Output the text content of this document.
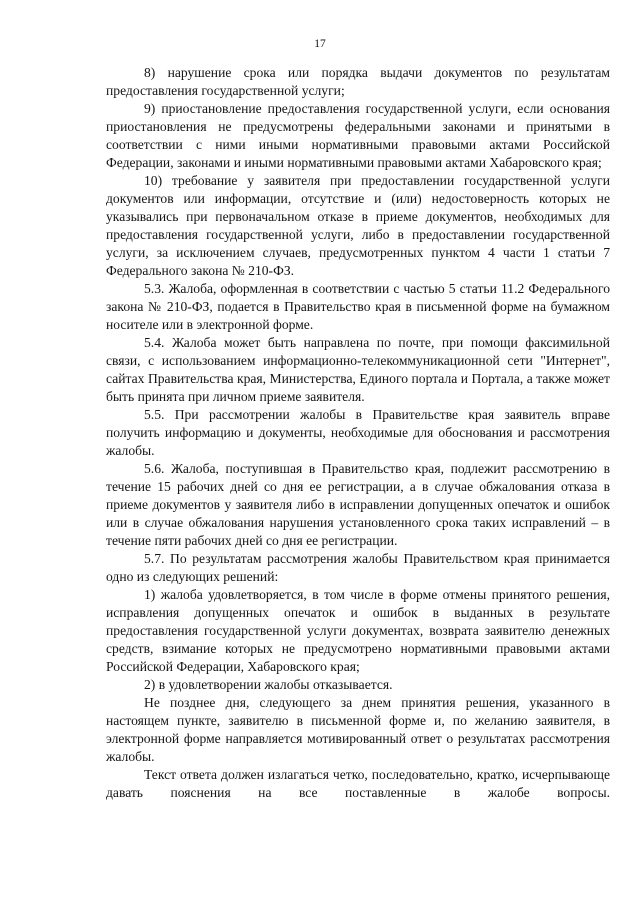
17

8) нарушение срока или порядка выдачи документов по результатам предоставления государственной услуги;

9) приостановление предоставления государственной услуги, если основания приостановления не предусмотрены федеральными законами и принятыми в соответствии с ними иными нормативными правовыми актами Российской Федерации, законами и иными нормативными правовыми актами Хабаровского края;

10) требование у заявителя при предоставлении государственной услуги документов или информации, отсутствие и (или) недостоверность которых не указывались при первоначальном отказе в приеме документов, необходимых для предоставления государственной услуги, либо в предоставлении государственной услуги, за исключением случаев, предусмотренных пунктом 4 части 1 статьи 7 Федерального закона № 210-ФЗ.

5.3. Жалоба, оформленная в соответствии с частью 5 статьи 11.2 Федерального закона № 210-ФЗ, подается в Правительство края в письменной форме на бумажном носителе или в электронной форме.

5.4. Жалоба может быть направлена по почте, при помощи факсимильной связи, с использованием информационно-телекоммуникационной сети "Интернет", сайтах Правительства края, Министерства, Единого портала и Портала, а также может быть принята при личном приеме заявителя.

5.5. При рассмотрении жалобы в Правительстве края заявитель вправе получить информацию и документы, необходимые для обоснования и рассмотрения жалобы.

5.6. Жалоба, поступившая в Правительство края, подлежит рассмотрению в течение 15 рабочих дней со дня ее регистрации, а в случае обжалования отказа в приеме документов у заявителя либо в исправлении допущенных опечаток и ошибок или в случае обжалования нарушения установленного срока таких исправлений – в течение пяти рабочих дней со дня ее регистрации.

5.7. По результатам рассмотрения жалобы Правительством края принимается одно из следующих решений:

1) жалоба удовлетворяется, в том числе в форме отмены принятого решения, исправления допущенных опечаток и ошибок в выданных в результате предоставления государственной услуги документах, возврата заявителю денежных средств, взимание которых не предусмотрено нормативными правовыми актами Российской Федерации, Хабаровского края;

2) в удовлетворении жалобы отказывается.

Не позднее дня, следующего за днем принятия решения, указанного в настоящем пункте, заявителю в письменной форме и, по желанию заявителя, в электронной форме направляется мотивированный ответ о результатах рассмотрения жалобы.

Текст ответа должен излагаться четко, последовательно, кратко, исчерпывающе давать пояснения на все поставленные в жалобе вопросы.
